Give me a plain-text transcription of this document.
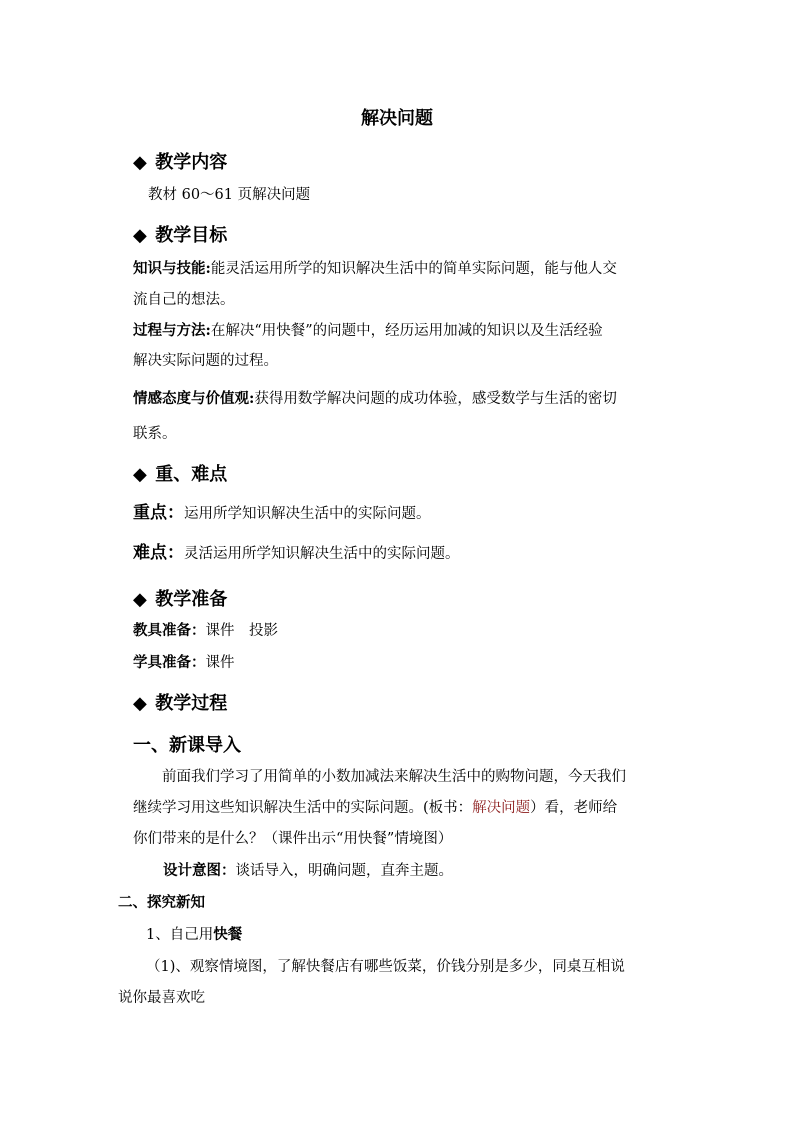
解决问题
◆ 教学内容
教材 60～61 页解决问题
◆ 教学目标
知识与技能:能灵活运用所学的知识解决生活中的简单实际问题，能与他人交
流自己的想法。
过程与方法:在解决“用快餐”的问题中，经历运用加减的知识以及生活经验
解决实际问题的过程。
情感态度与价值观:获得用数学解决问题的成功体验，感受数学与生活的密切
联系。
◆ 重、难点
重点：运用所学知识解决生活中的实际问题。
难点：灵活运用所学知识解决生活中的实际问题。
◆ 教学准备
教具准备：课件　投影
学具准备：课件
◆ 教学过程
一、新课导入
前面我们学习了用简单的小数加减法来解决生活中的购物问题，今天我们
继续学习用这些知识解决生活中的实际问题。(板书：解决问题）看，老师给
你们带来的是什么？（课件出示“用快餐”情境图）
设计意图：谈话导入，明确问题，直奔主题。
二、探究新知
1、自己用快餐
（1)、观察情境图，了解快餐店有哪些饭菜，价钱分别是多少，同桌互相说
说你最喜欢吃
